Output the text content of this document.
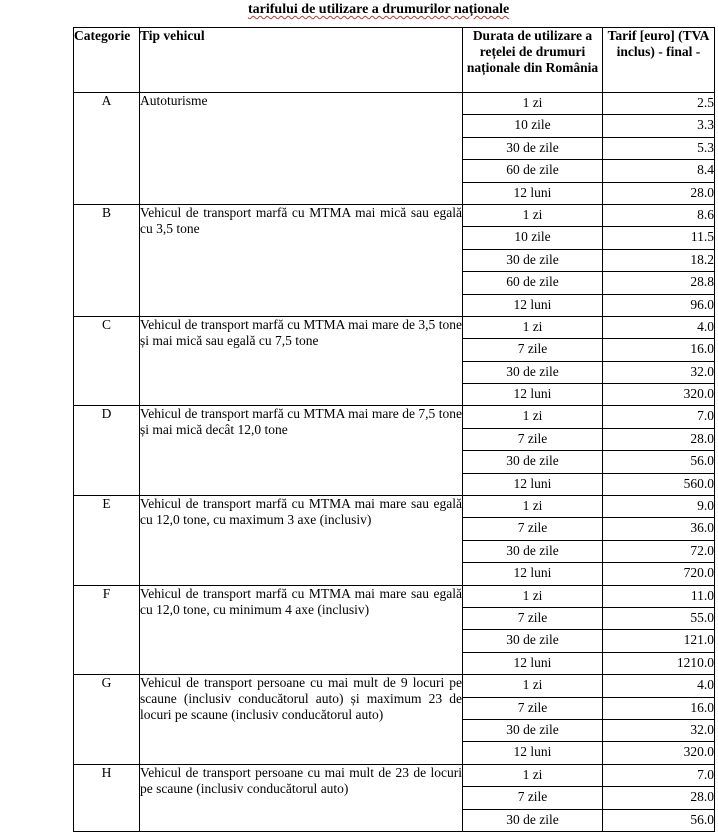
tarifului de utilizare a drumurilor naționale
Categorie	Tip vehicul	Durata de utilizare a rețelei de drumuri naționale din România	Tarif [euro] (TVA inclus) - final -
A	Autoturisme	1 zi	2.5
		10 zile	3.3
		30 de zile	5.3
		60 de zile	8.4
		12 luni	28.0
B	Vehicul de transport marfă cu MTMA mai mică sau egală cu 3,5 tone	1 zi	8.6
		10 zile	11.5
		30 de zile	18.2
		60 de zile	28.8
		12 luni	96.0
C	Vehicul de transport marfă cu MTMA mai mare de 3,5 tone și mai mică sau egală cu 7,5 tone	1 zi	4.0
		7 zile	16.0
		30 de zile	32.0
		12 luni	320.0
D	Vehicul de transport marfă cu MTMA mai mare de 7,5 tone și mai mică decât 12,0 tone	1 zi	7.0
		7 zile	28.0
		30 de zile	56.0
		12 luni	560.0
E	Vehicul de transport marfă cu MTMA mai mare sau egală cu 12,0 tone, cu maximum 3 axe (inclusiv)	1 zi	9.0
		7 zile	36.0
		30 de zile	72.0
		12 luni	720.0
F	Vehicul de transport marfă cu MTMA mai mare sau egală cu 12,0 tone, cu minimum 4 axe (inclusiv)	1 zi	11.0
		7 zile	55.0
		30 de zile	121.0
		12 luni	1210.0
G	Vehicul de transport persoane cu mai mult de 9 locuri pe scaune (inclusiv conducătorul auto) și maximum 23 de locuri pe scaune (inclusiv conducătorul auto)	1 zi	4.0
		7 zile	16.0
		30 de zile	32.0
		12 luni	320.0
H	Vehicul de transport persoane cu mai mult de 23 de locuri pe scaune (inclusiv conducătorul auto)	1 zi	7.0
		7 zile	28.0
		30 de zile	56.0
